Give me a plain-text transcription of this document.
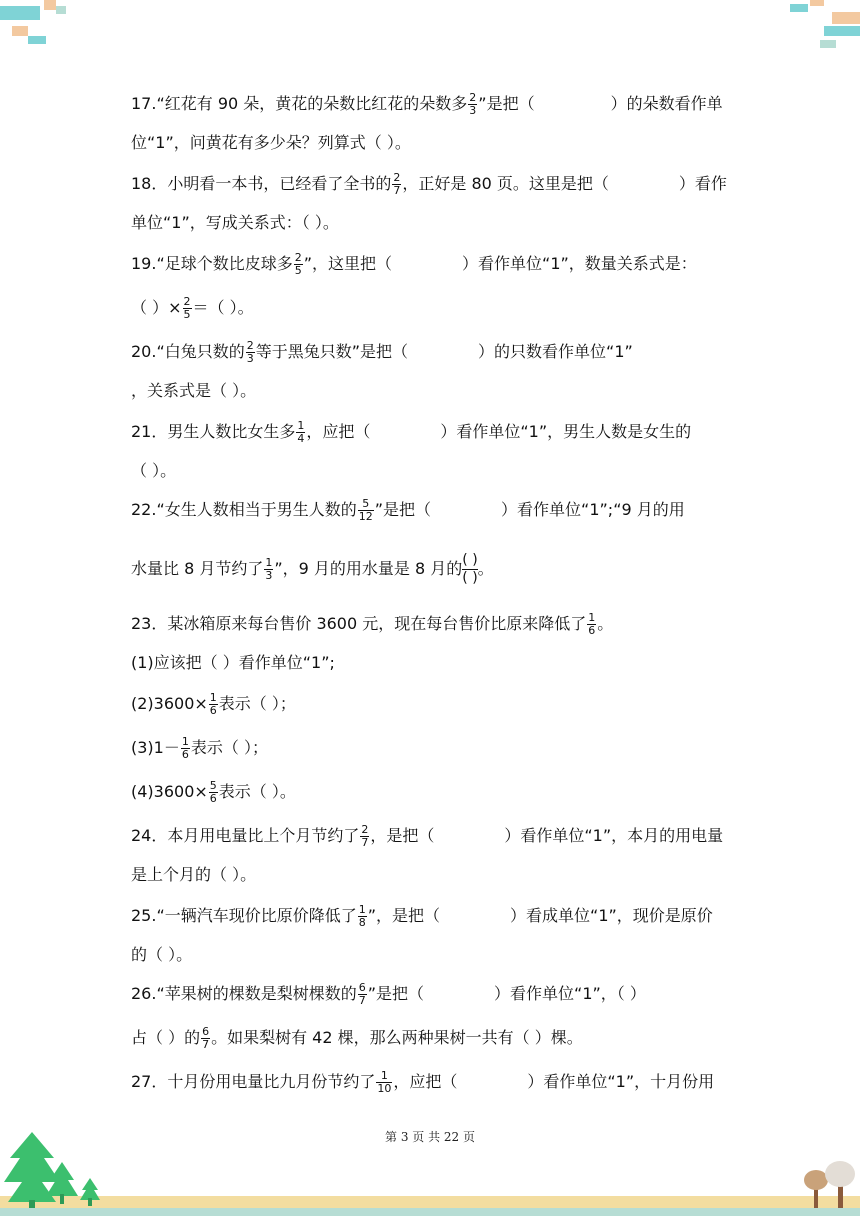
17.“红花有 90 朵，黄花的朵数比红花的朵数多 $\frac{2}{3}$ ”是把（	）的朵数看作单
位“1”，问黄花有多少朵？列算式（ ）。
18．小明看一本书，已经看了全书的 $\frac{2}{7}$ ，正好是 80 页。这里是把（	）看作
单位“1”，写成关系式：（ ）。
19.“足球个数比皮球多 $\frac{2}{5}$ ”，这里把（	）看作单位“1”，数量关系式是：
（ ）× $\frac{2}{5}$ ＝（ ）。
20.“白兔只数的 $\frac{2}{3}$ 等于黑兔只数”是把（	）的只数看作单位“1”
，关系式是（ ）。
21．男生人数比女生多 $\frac{1}{4}$ ，应把（	）看作单位“1”，男生人数是女生的
（ ）。
22.“女生人数相当于男生人数的 $\frac{5}{12}$ ”是把（	）看作单位“1”;“9 月的用
水量比 8 月节约了 $\frac{1}{3}$ ”，9 月的用水量是 8 月的 ( )
( ) 。
23．某冰箱原来每台售价 3600 元，现在每台售价比原来降低了 $\frac{1}{6}$ 。
(1)应该把（ ）看作单位“1”;
$(2)3600\times \frac{1}{6}$ 表示（ ）；
$(3)1- \frac{1}{6}$ 表示（ ）；
$(4)3600\times \frac{5}{6}$ 表示（ ）。
24．本月用电量比上个月节约了 $\frac{2}{7}$ ，是把（	）看作单位“1”，本月的用电量
是上个月的（ ）。
25.“一辆汽车现价比原价降低了 $\frac{1}{8}$ ”，是把（	）看成单位“1”，现价是原价
的（ ）。
26.“苹果树的棵数是梨树棵数的 $\frac{6}{7}$ ”是把（	）看作单位“1”，（ ）
占（ ）的 $\frac{6}{7}$ 。如果梨树有 42 棵，那么两种果树一共有（ ）棵。
27．十月份用电量比九月份节约了 $\frac{1}{10}$ ，应把（	）看作单位“1”，十月份用
第 3 页 共 22 页
